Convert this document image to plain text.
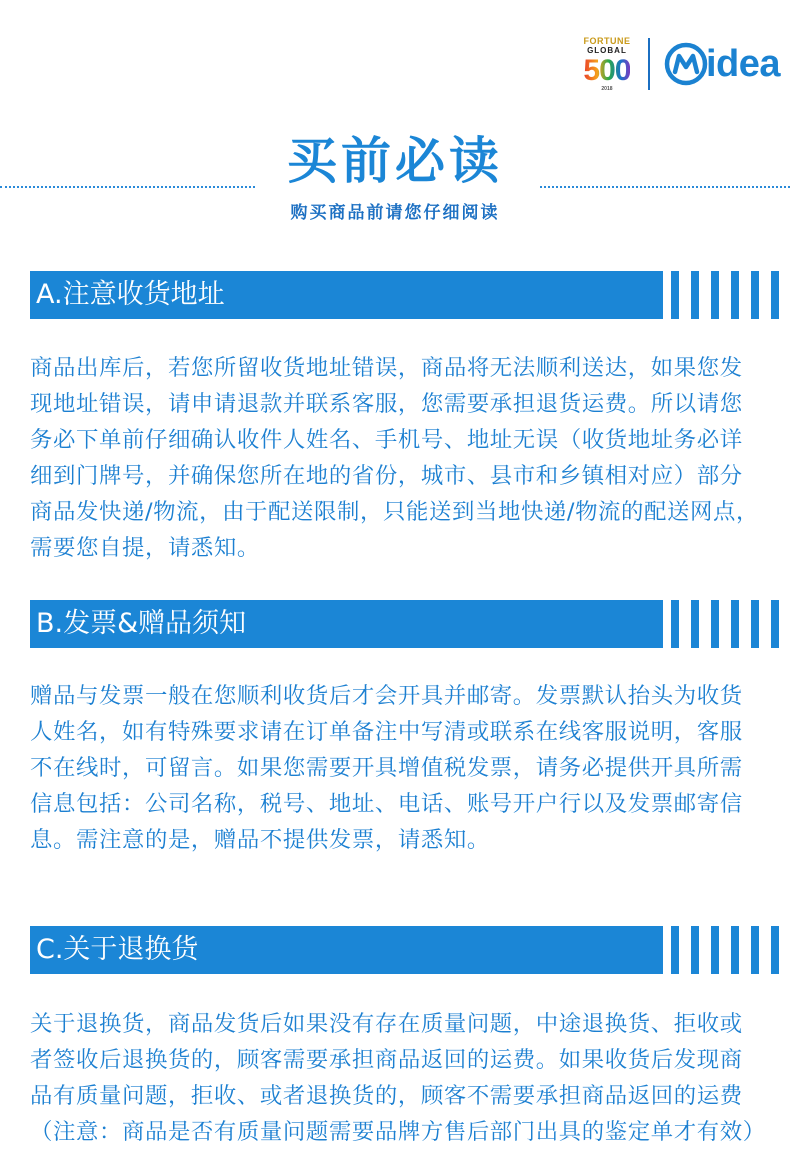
FORTUNE
GLOBAL
500
2018
idea
买前必读

购买商品前请您仔细阅读

A.注意收货地址

商品出库后，若您所留收货地址错误，商品将无法顺利送达，如果您发现地址错误，请申请退款并联系客服，您需要承担退货运费。所以请您务必下单前仔细确认收件人姓名、手机号、地址无误（收货地址务必详细到门牌号，并确保您所在地的省份，城市、县市和乡镇相对应）部分商品发快递/物流，由于配送限制，只能送到当地快递/物流的配送网点，需要您自提，请悉知。

B.发票&赠品须知

赠品与发票一般在您顺利收货后才会开具并邮寄。发票默认抬头为收货人姓名，如有特殊要求请在订单备注中写清或联系在线客服说明，客服不在线时，可留言。如果您需要开具增值税发票，请务必提供开具所需信息包括：公司名称，税号、地址、电话、账号开户行以及发票邮寄信息。需注意的是，赠品不提供发票，请悉知。

C.关于退换货

关于退换货，商品发货后如果没有存在质量问题，中途退换货、拒收或者签收后退换货的，顾客需要承担商品返回的运费。如果收货后发现商品有质量问题，拒收、或者退换货的，顾客不需要承担商品返回的运费（注意：商品是否有质量问题需要品牌方售后部门出具的鉴定单才有效）
